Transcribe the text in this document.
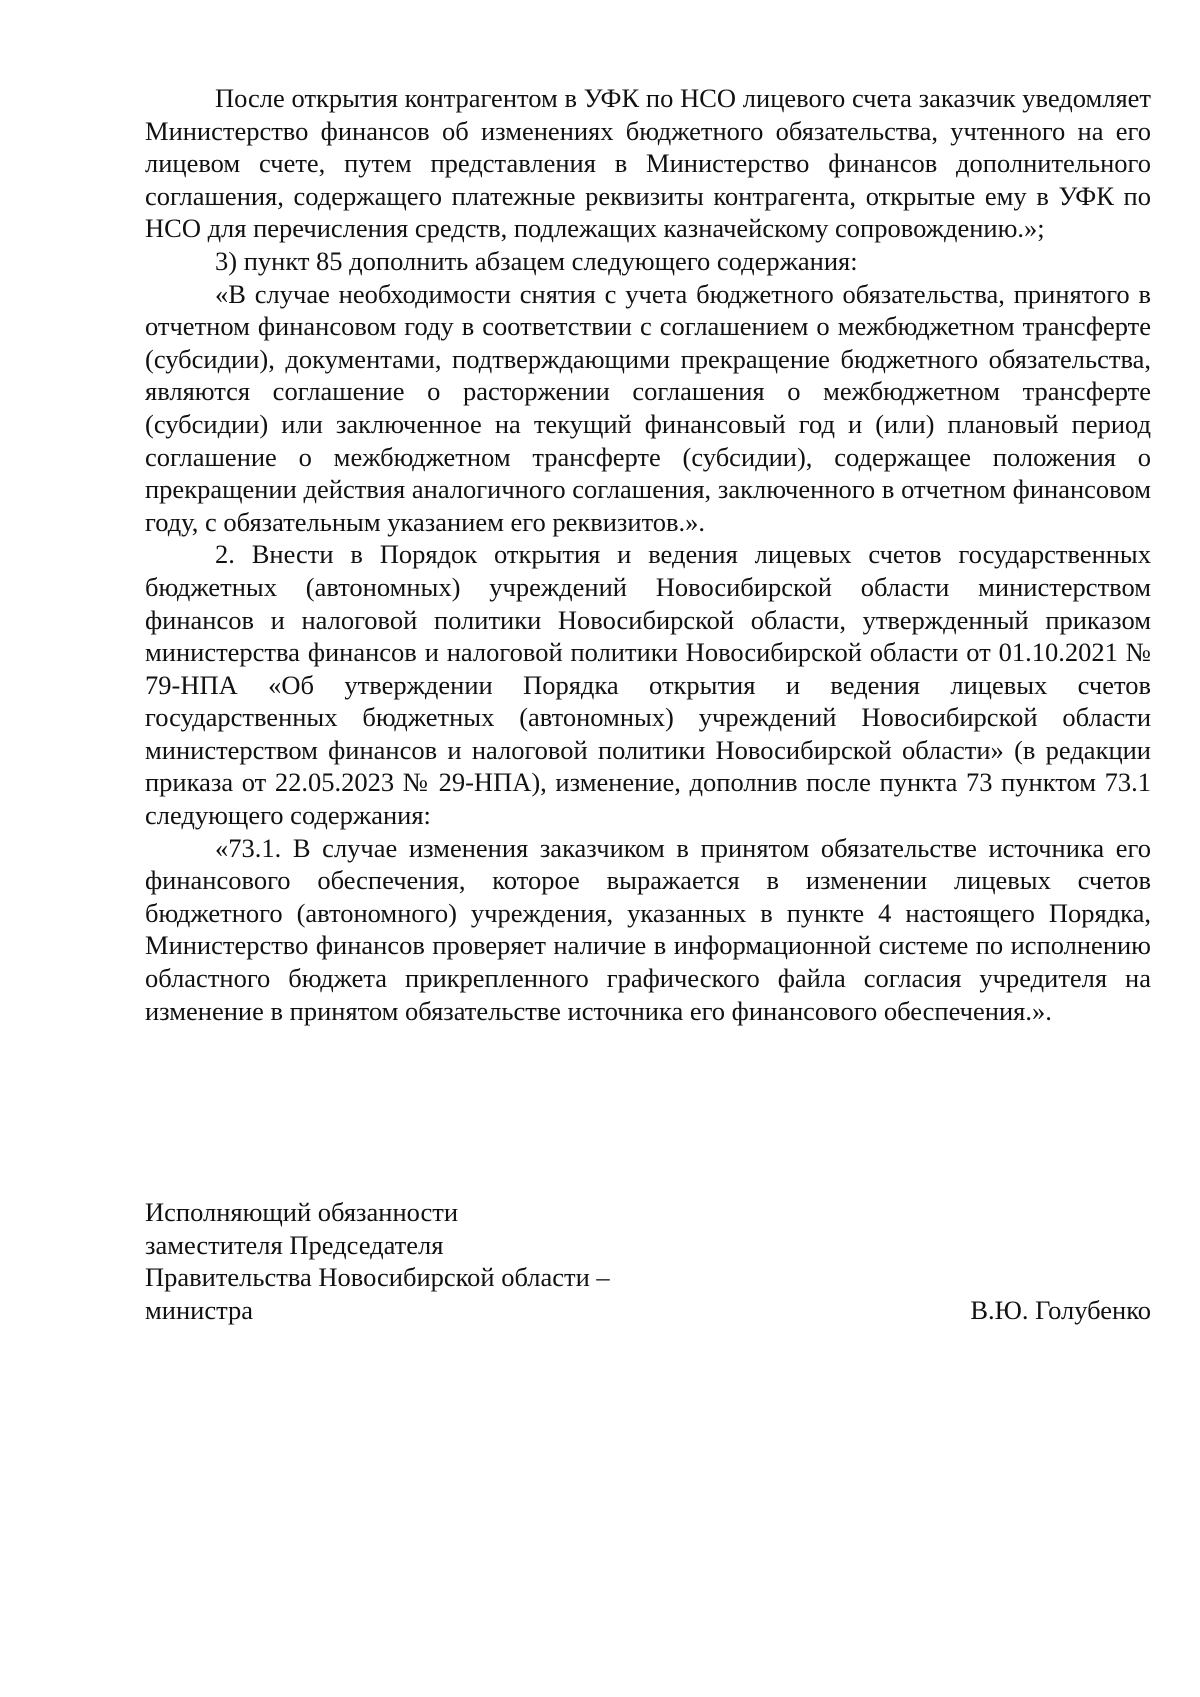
После открытия контрагентом в УФК по НСО лицевого счета заказчик уведомляет Министерство финансов об изменениях бюджетного обязательства, учтенного на его лицевом счете, путем представления в Министерство финансов дополнительного соглашения, содержащего платежные реквизиты контрагента, открытые ему в УФК по НСО для перечисления средств, подлежащих казначейскому сопровождению.»;

3) пункт 85 дополнить абзацем следующего содержания:

«В случае необходимости снятия с учета бюджетного обязательства, принятого в отчетном финансовом году в соответствии с соглашением о межбюджетном трансферте (субсидии), документами, подтверждающими прекращение бюджетного обязательства, являются соглашение о расторжении соглашения о межбюджетном трансферте (субсидии) или заключенное на текущий финансовый год и (или) плановый период соглашение о межбюджетном трансферте (субсидии), содержащее положения о прекращении действия аналогичного соглашения, заключенного в отчетном финансовом году, с обязательным указанием его реквизитов.».

2. Внести в Порядок открытия и ведения лицевых счетов государственных бюджетных (автономных) учреждений Новосибирской области министерством финансов и налоговой политики Новосибирской области, утвержденный приказом министерства финансов и налоговой политики Новосибирской области от 01.10.2021 № 79-НПА «Об утверждении Порядка открытия и ведения лицевых счетов государственных бюджетных (автономных) учреждений Новосибирской области министерством финансов и налоговой политики Новосибирской области» (в редакции приказа от 22.05.2023 № 29-НПА), изменение, дополнив после пункта 73 пунктом 73.1 следующего содержания:

«73.1. В случае изменения заказчиком в принятом обязательстве источника его финансового обеспечения, которое выражается в изменении лицевых счетов бюджетного (автономного) учреждения, указанных в пункте 4 настоящего Порядка, Министерство финансов проверяет наличие в информационной системе по исполнению областного бюджета прикрепленного графического файла согласия учредителя на изменение в принятом обязательстве источника его финансового обеспечения.».

Исполняющий обязанности
заместителя Председателя
Правительства Новосибирской области –
министра	В.Ю. Голубенко
